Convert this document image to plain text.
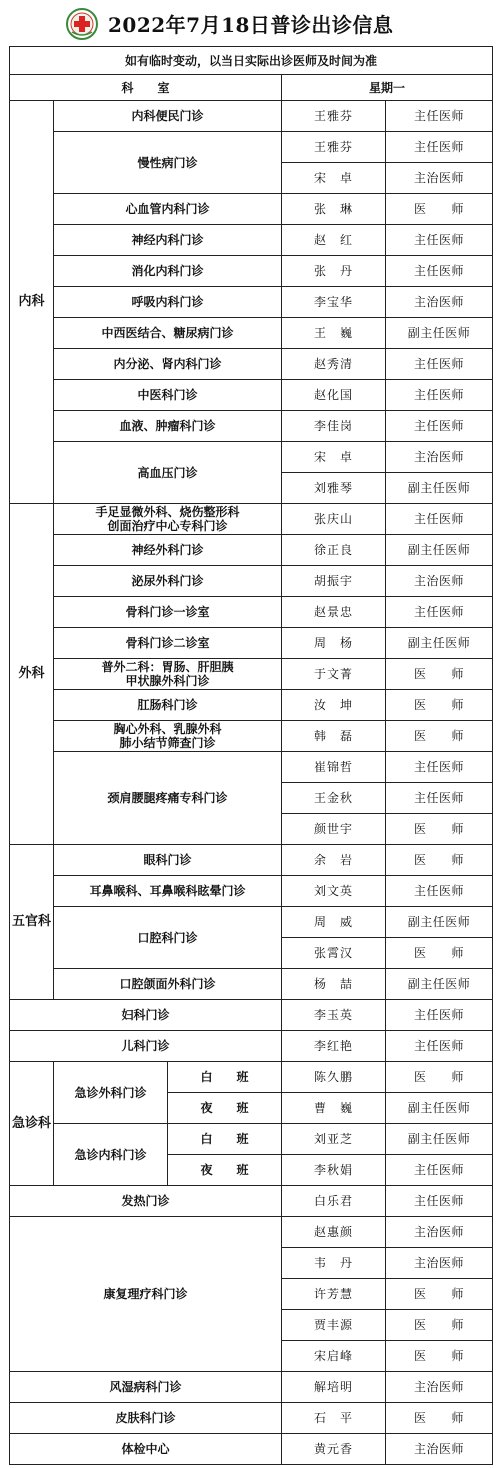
2022年7月18日普诊出诊信息
如有临时变动，以当日实际出诊医师及时间为准				
科　　室			星期一	
内科	内科便民门诊		王雅芬	主任医师
	慢性病门诊		王雅芬	主任医师
			宋　卓	主治医师
	心血管内科门诊		张　琳	医　　师
	神经内科门诊		赵　红	主任医师
	消化内科门诊		张　丹	主任医师
	呼吸内科门诊		李宝华	主治医师
	中西医结合、糖尿病门诊		王　巍	副主任医师
	内分泌、肾内科门诊		赵秀清	主任医师
	中医科门诊		赵化国	主任医师
	血液、肿瘤科门诊		李佳岗	主任医师
	高血压门诊		宋　卓	主治医师
			刘雅琴	副主任医师
外科	手足显微外科、烧伤整形科
创面治疗中心专科门诊		张庆山	主任医师
	神经外科门诊		徐正良	副主任医师
	泌尿外科门诊		胡振宇	主治医师
	骨科门诊一诊室		赵景忠	主任医师
	骨科门诊二诊室		周　杨	副主任医师

	普外二科：胃肠、肝胆胰
甲状腺外科门诊		于文菁	医　　师
	肛肠科门诊		汝　坤	医　　师

	胸心外科、乳腺外科
肺小结节筛查门诊		韩　磊	医　　师
	颈肩腰腿疼痛专科门诊		崔锦哲	主任医师
			王金秋	主任医师
			颜世宇	医　　师
五官科	眼科门诊		余　岩	医　　师
	耳鼻喉科、耳鼻喉科眩晕门诊		刘文英	主任医师
	口腔科门诊		周　威	副主任医师
			张霄汉	医　　师
	口腔颌面外科门诊		杨　喆	副主任医师
妇科门诊			李玉英	主任医师
儿科门诊			李红艳	主任医师
急诊科	急诊外科门诊	白　　班	陈久鹏	医　　师
		夜　　班	曹　巍	副主任医师
	急诊内科门诊	白　　班	刘亚芝	副主任医师
		夜　　班	李秋娟	主任医师
发热门诊			白乐君	主任医师
康复理疗科门诊			赵惠颜	主治医师
			韦　丹	主治医师
			许芳慧	医　　师
			贾丰源	医　　师
			宋启峰	医　　师
风湿病科门诊			解培明	主治医师
皮肤科门诊			石　平	医　　师
体检中心			黄元香	主治医师
